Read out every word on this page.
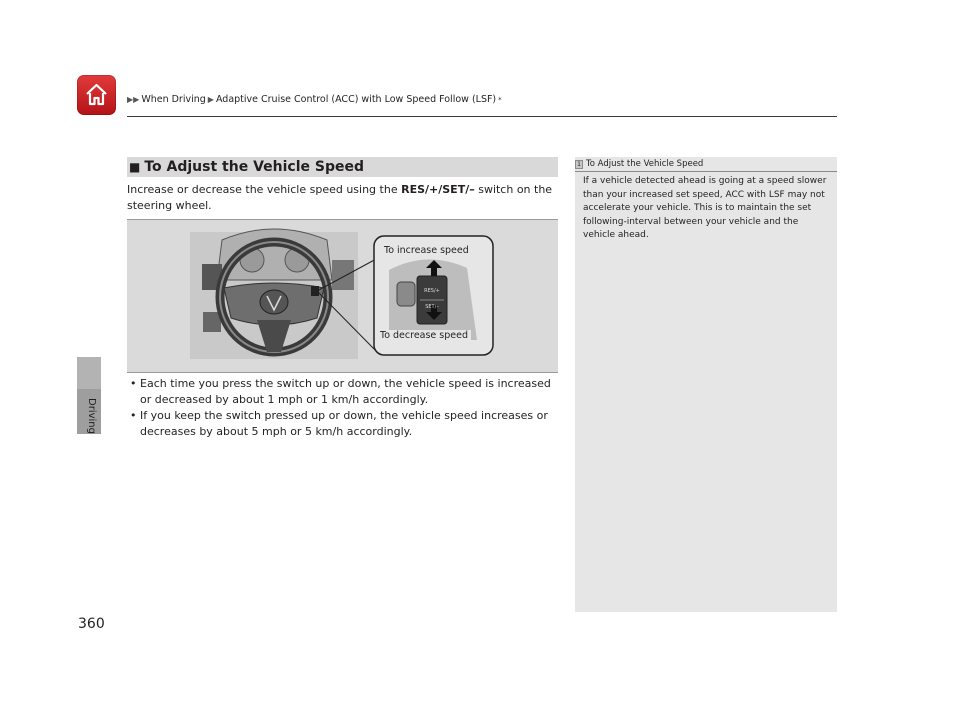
▶▶ When Driving ▶ Adaptive Cruise Control (ACC) with Low Speed Follow (LSF) *
Driving
360
■ To Adjust the Vehicle Speed
Increase or decrease the vehicle speed using the RES/+/SET/– switch on the steering wheel.
RES/+
SET/–
To increase speed
To decrease speed
• Each time you press the switch up or down, the vehicle speed is increased or decreased by about 1 mph or 1 km/h accordingly.
• If you keep the switch pressed up or down, the vehicle speed increases or decreases by about 5 mph or 5 km/h accordingly.
1 To Adjust the Vehicle Speed
If a vehicle detected ahead is going at a speed slower than your increased set speed, ACC with LSF may not accelerate your vehicle. This is to maintain the set following-interval between your vehicle and the vehicle ahead.
